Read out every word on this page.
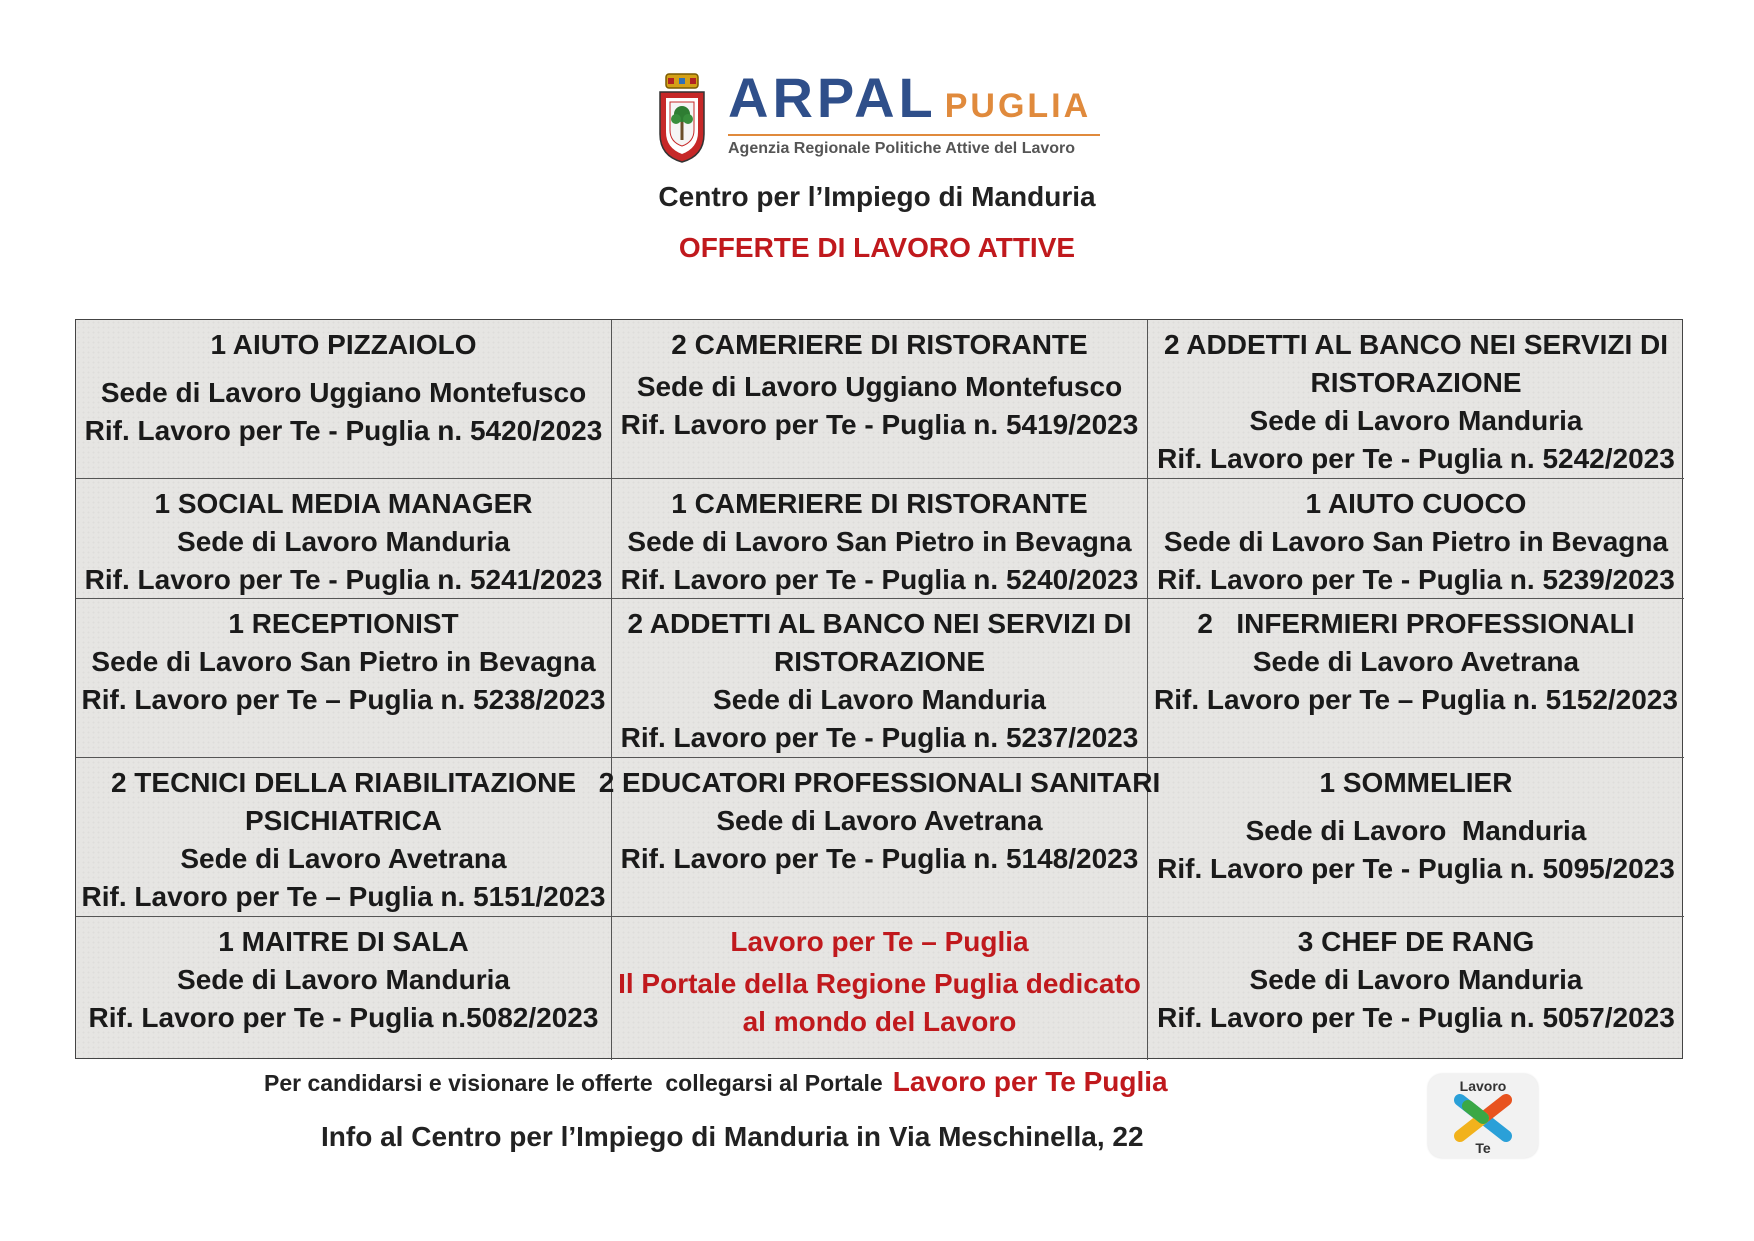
ARPAL PUGLIA
Agenzia Regionale Politiche Attive del Lavoro
Centro per l’Impiego di Manduria
OFFERTE DI LAVORO ATTIVE
1 AIUTO PIZZAIOLO
Sede di Lavoro Uggiano Montefusco
Rif. Lavoro per Te - Puglia n. 5420/2023
2 CAMERIERE DI RISTORANTE
Sede di Lavoro Uggiano Montefusco
Rif. Lavoro per Te - Puglia n. 5419/2023
2 ADDETTI AL BANCO NEI SERVIZI DI
RISTORAZIONE
Sede di Lavoro Manduria
Rif. Lavoro per Te - Puglia n. 5242/2023
1 SOCIAL MEDIA MANAGER
Sede di Lavoro Manduria
Rif. Lavoro per Te - Puglia n. 5241/2023
1 CAMERIERE DI RISTORANTE
Sede di Lavoro San Pietro in Bevagna
Rif. Lavoro per Te - Puglia n. 5240/2023
1 AIUTO CUOCO
Sede di Lavoro San Pietro in Bevagna
Rif. Lavoro per Te - Puglia n. 5239/2023
1 RECEPTIONIST
Sede di Lavoro San Pietro in Bevagna
Rif. Lavoro per Te – Puglia n. 5238/2023
2 ADDETTI AL BANCO NEI SERVIZI DI
RISTORAZIONE
Sede di Lavoro Manduria
Rif. Lavoro per Te - Puglia n. 5237/2023
2   INFERMIERI PROFESSIONALI
Sede di Lavoro Avetrana
Rif. Lavoro per Te – Puglia n. 5152/2023
2 TECNICI DELLA RIABILITAZIONE
PSICHIATRICA
Sede di Lavoro Avetrana
Rif. Lavoro per Te – Puglia n. 5151/2023
2 EDUCATORI PROFESSIONALI SANITARI
Sede di Lavoro Avetrana
Rif. Lavoro per Te - Puglia n. 5148/2023
1 SOMMELIER
Sede di Lavoro  Manduria
Rif. Lavoro per Te - Puglia n. 5095/2023
1 MAITRE DI SALA
Sede di Lavoro Manduria
Rif. Lavoro per Te - Puglia n.5082/2023
Lavoro per Te – Puglia
Il Portale della Regione Puglia dedicato
al mondo del Lavoro
3 CHEF DE RANG
Sede di Lavoro Manduria
Rif. Lavoro per Te - Puglia n. 5057/2023
Per candidarsi e visionare le offerte  collegarsi al Portale Lavoro per Te Puglia
Info al Centro per l’Impiego di Manduria in Via Meschinella, 22
Lavoro
Te
